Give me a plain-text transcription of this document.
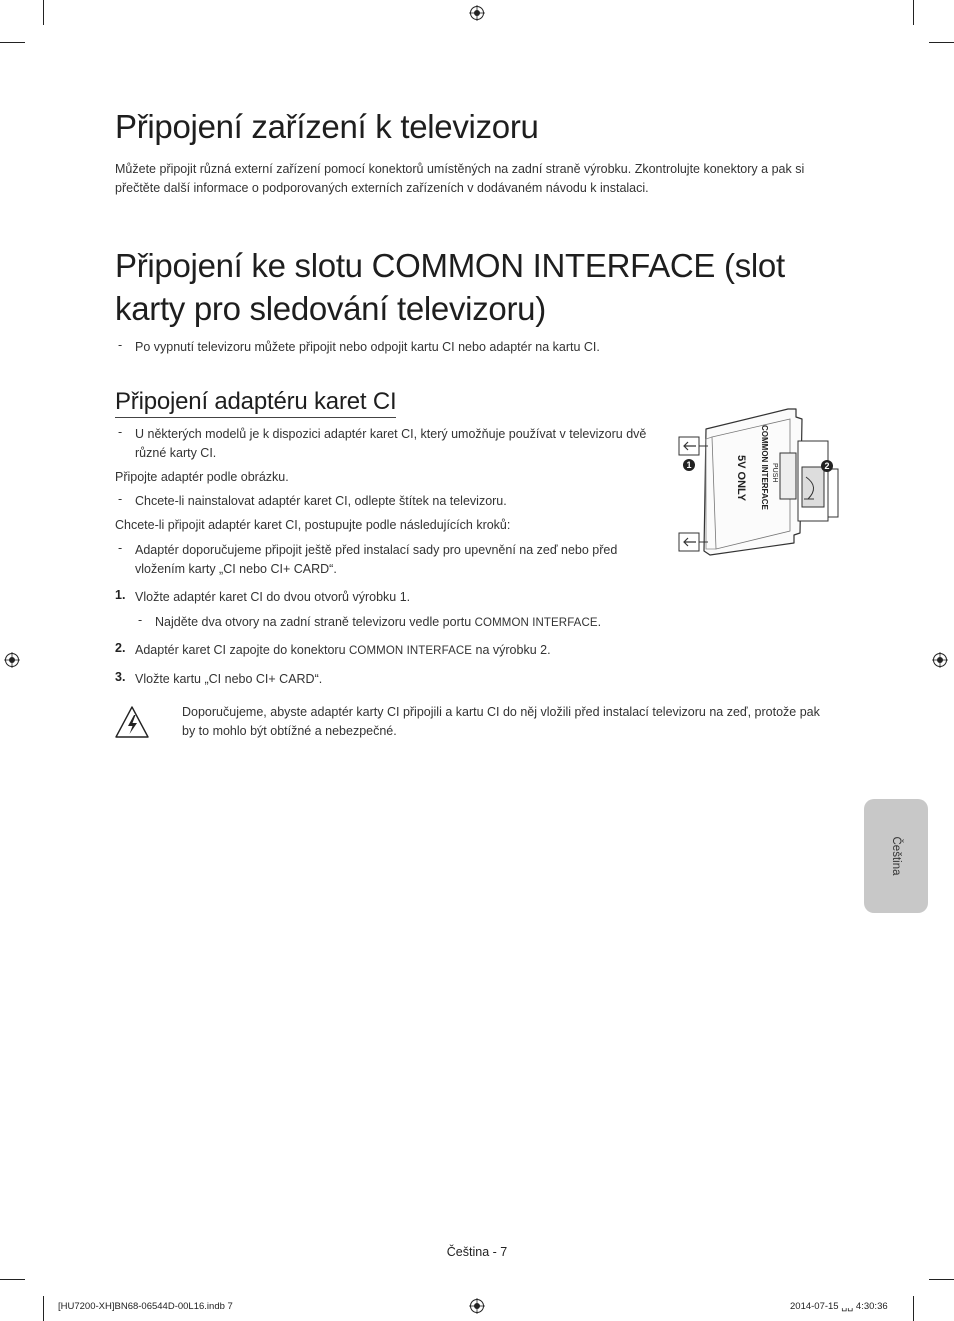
Připojení zařízení k televizoru
Můžete připojit různá externí zařízení pomocí konektorů umístěných na zadní straně výrobku. Zkontrolujte konektory a pak si přečtěte další informace o podporovaných externích zařízeních v dodávaném návodu k instalaci.
Připojení ke slotu COMMON INTERFACE (slot karty pro sledování televizoru)
- Po vypnutí televizoru můžete připojit nebo odpojit kartu CI nebo adaptér na kartu CI.
Připojení adaptéru karet CI
- U některých modelů je k dispozici adaptér karet CI, který umožňuje používat v televizoru dvě různé karty CI.
Připojte adaptér podle obrázku.
- Chcete-li nainstalovat adaptér karet CI, odlepte štítek na televizoru.
Chcete-li připojit adaptér karet CI, postupujte podle následujících kroků:
- Adaptér doporučujeme připojit ještě před instalací sady pro upevnění na zeď nebo před vložením karty „CI nebo CI+ CARD“.
1. Vložte adaptér karet CI do dvou otvorů výrobku 1.
- Najděte dva otvory na zadní straně televizoru vedle portu COMMON INTERFACE.
2. Adaptér karet CI zapojte do konektoru COMMON INTERFACE na výrobku 2.
3. Vložte kartu „CI nebo CI+ CARD“.
Doporučujeme, abyste adaptér karty CI připojili a kartu CI do něj vložili před instalací televizoru na zeď, protože pak by to mohlo být obtížné a nebezpečné.
1	2
COMMON INTERFACE
5V ONLY	PUSH
Čeština
Čeština - 7
[HU7200-XH]BN68-06544D-00L16.indb 7	2014-07-15 ␣␣ 4:30:36
